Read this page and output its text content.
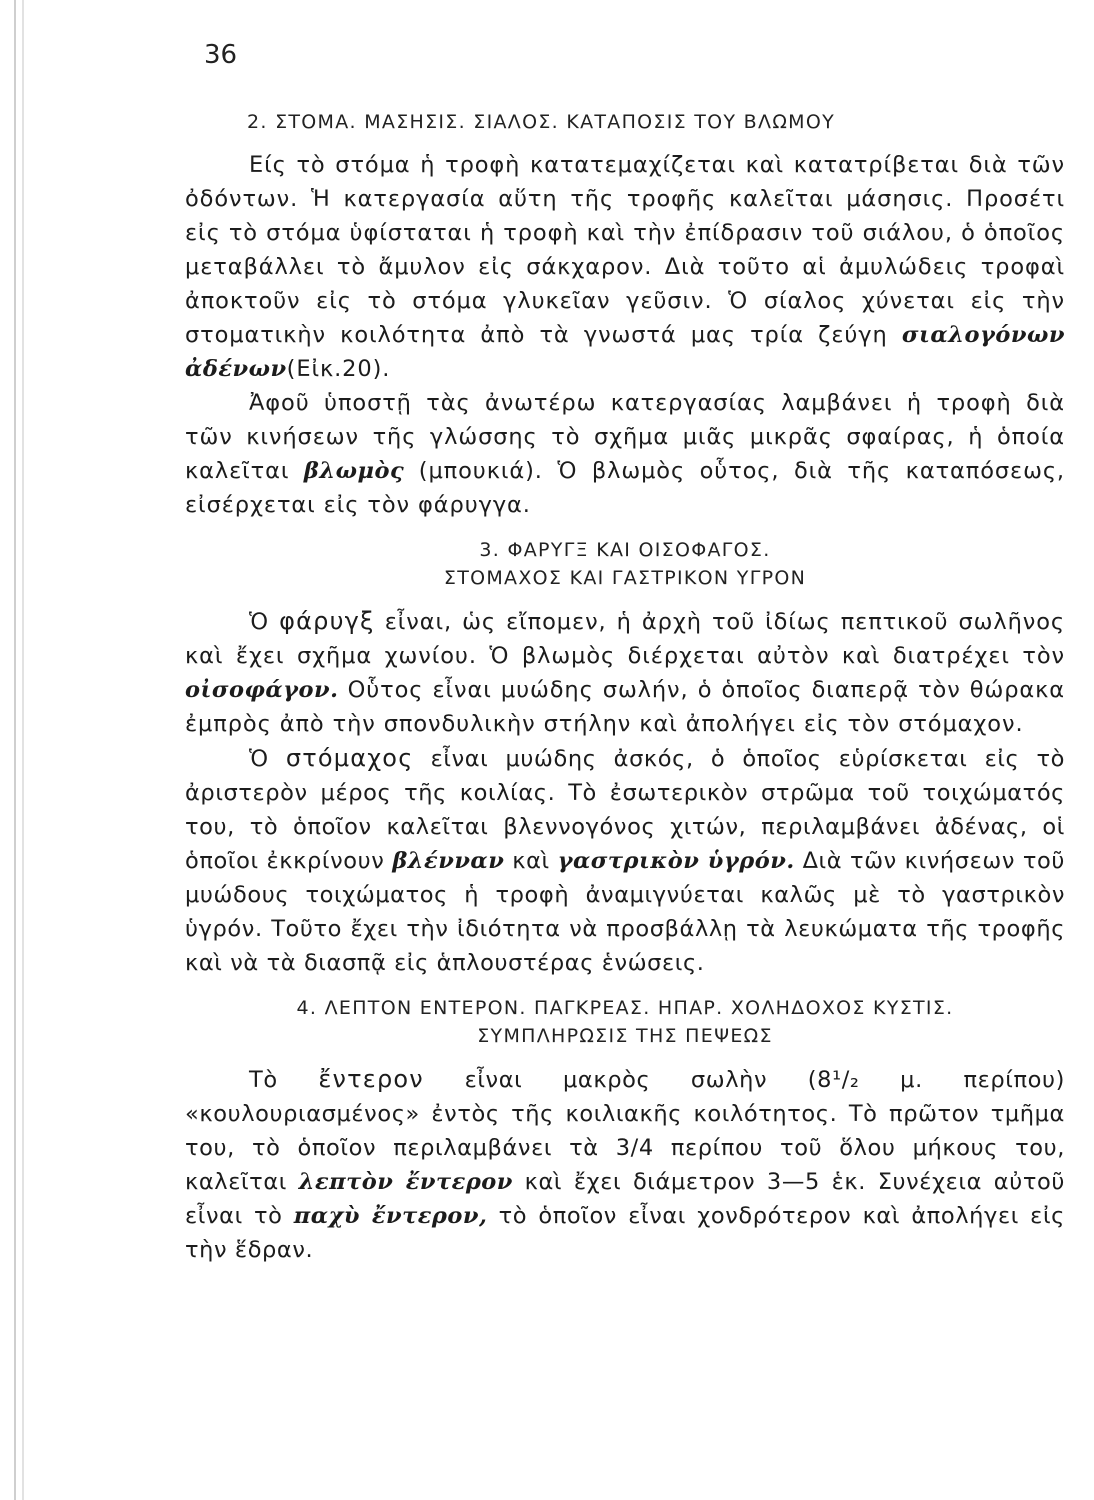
36
2. ΣΤΟΜΑ. ΜΑΣΗΣΙΣ. ΣΙΑΛΟΣ. ΚΑΤΑΠΟΣΙΣ ΤΟΥ ΒΛΩΜΟΥ

Είς τὸ στόμα ἡ τροφὴ κατατεμαχίζεται καὶ κατατρίβεται διὰ τῶν ὀδόντων. Ἡ κατεργασία αὕτη τῆς τροφῆς καλεῖται μάσησις. Προσέτι εἰς τὸ στόμα ὑφίσταται ἡ τροφὴ καὶ τὴν ἐπίδρασιν τοῦ σιάλου, ὁ ὁποῖος μεταβάλλει τὸ ἄμυλον εἰς σάκχαρον. Διὰ τοῦτο αἱ ἀμυλώδεις τροφαὶ ἀποκτοῦν εἰς τὸ στόμα γλυκεῖαν γεῦσιν. Ὁ σίαλος χύνεται εἰς τὴν στοματικὴν κοιλότητα ἀπὸ τὰ γνωστά μας τρία ζεύγη σιαλογόνων ἀδένων(Εἰκ.20).

Ἀφοῦ ὑποστῇ τὰς ἀνωτέρω κατεργασίας λαμβάνει ἡ τροφὴ διὰ τῶν κινήσεων τῆς γλώσσης τὸ σχῆμα μιᾶς μικρᾶς σφαίρας, ἡ ὁποία καλεῖται βλωμὸς (μπουκιά). Ὁ βλωμὸς οὗτος, διὰ τῆς καταπόσεως, εἰσέρχεται εἰς τὸν φάρυγγα.

3. ΦΑΡΥΓΞ ΚΑΙ ΟΙΣΟΦΑΓΟΣ.
ΣΤΟΜΑΧΟΣ ΚΑΙ ΓΑΣΤΡΙΚΟΝ ΥΓΡΟΝ

Ὁ φάρυγξ εἶναι, ὡς εἴπομεν, ἡ ἀρχὴ τοῦ ἰδίως πεπτικοῦ σωλῆνος καὶ ἔχει σχῆμα χωνίου. Ὁ βλωμὸς διέρχεται αὐτὸν καὶ διατρέχει τὸν οἰσοφάγον. Οὗτος εἶναι μυώδης σωλήν, ὁ ὁποῖος διαπερᾷ τὸν θώρακα ἐμπρὸς ἀπὸ τὴν σπονδυλικὴν στήλην καὶ ἀπολήγει εἰς τὸν στόμαχον.

Ὁ στόμαχος εἶναι μυώδης ἀσκός, ὁ ὁποῖος εὑρίσκεται εἰς τὸ ἀριστερὸν μέρος τῆς κοιλίας. Τὸ ἐσωτερικὸν στρῶμα τοῦ τοιχώματός του, τὸ ὁποῖον καλεῖται βλεννογόνος χιτών, περιλαμβάνει ἀδένας, οἱ ὁποῖοι ἐκκρίνουν βλένναν καὶ γαστρικὸν ὑγρόν. Διὰ τῶν κινήσεων τοῦ μυώδους τοιχώματος ἡ τροφὴ ἀναμιγνύεται καλῶς μὲ τὸ γαστρικὸν ὑγρόν. Τοῦτο ἔχει τὴν ἰδιότητα νὰ προσβάλλῃ τὰ λευκώματα τῆς τροφῆς καὶ νὰ τὰ διασπᾷ εἰς ἁπλουστέρας ἑνώσεις.

4. ΛΕΠΤΟΝ ΕΝΤΕΡΟΝ. ΠΑΓΚΡΕΑΣ. ΗΠΑΡ. ΧΟΛΗΔΟΧΟΣ ΚΥΣΤΙΣ.
ΣΥΜΠΛΗΡΩΣΙΣ ΤΗΣ ΠΕΨΕΩΣ

Τὸ ἔντερον εἶναι μακρὸς σωλὴν (8¹/₂ μ. περίπου) «κουλουριασμένος» ἐντὸς τῆς κοιλιακῆς κοιλότητος. Τὸ πρῶτον τμῆμα του, τὸ ὁποῖον περιλαμβάνει τὰ 3/4 περίπου τοῦ ὅλου μήκους του, καλεῖται λεπτὸν ἔντερον καὶ ἔχει διάμετρον 3—5 ἑκ. Συνέχεια αὐτοῦ εἶναι τὸ παχὺ ἔντερον, τὸ ὁποῖον εἶναι χονδρότερον καὶ ἀπολήγει εἰς τὴν ἕδραν.
